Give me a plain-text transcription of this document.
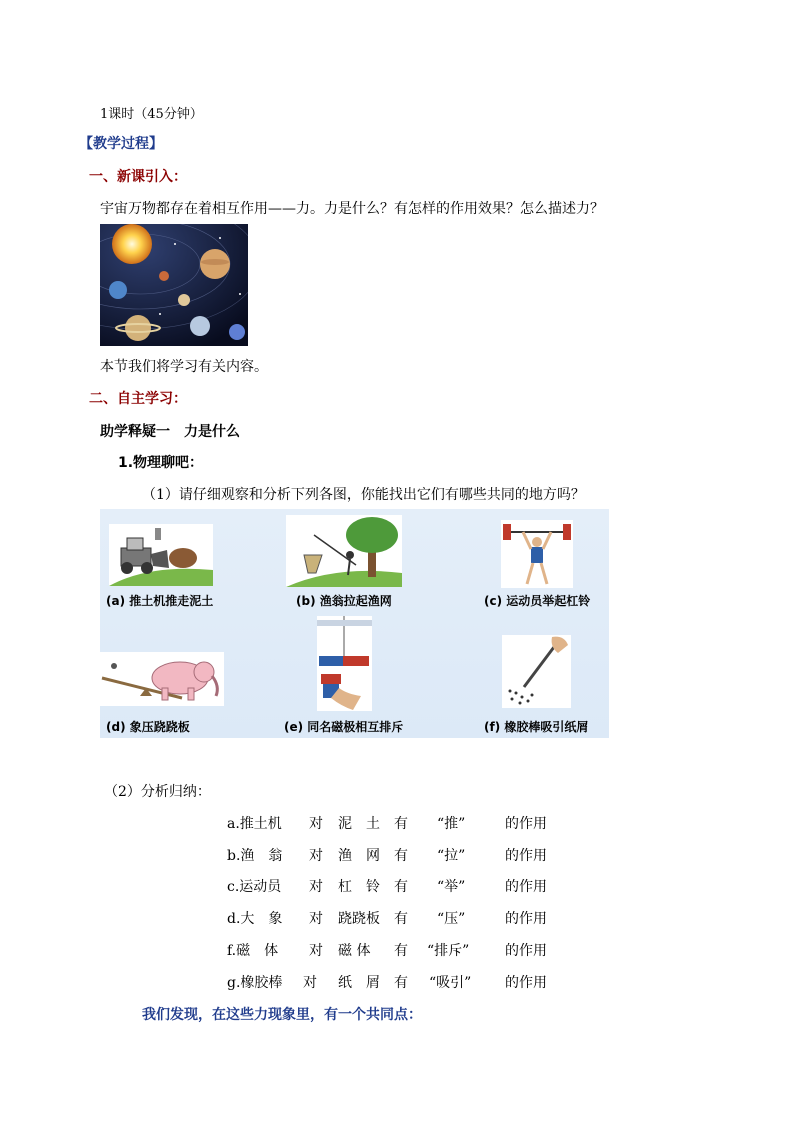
1课时（45分钟）
【教学过程】
一、新课引入：
宇宙万物都存在着相互作用——力。力是什么？有怎样的作用效果？怎么描述力？
本节我们将学习有关内容。
二、自主学习：
助学释疑一　力是什么
1.物理聊吧：
（1）请仔细观察和分析下列各图，你能找出它们有哪些共同的地方吗？
(a) 推土机推走泥土	(b) 渔翁拉起渔网	(c) 运动员举起杠铃
(d) 象压跷跷板	(e) 同名磁极相互排斥	(f) 橡胶棒吸引纸屑
（2）分析归纳：
a.推土机 对 泥　土 有 “推”	的作用
b.渔　翁 对 渔　网 有 “拉”	的作用
c.运动员 对 杠　铃 有 “举”	的作用
d.大　象 对 跷跷板 有 “压”	的作用
f.磁　体 对 磁 体 有 “排斥”	的作用
g.橡胶棒 对 纸　屑 有 “吸引” 的作用
我们发现，在这些力现象里，有一个共同点：
